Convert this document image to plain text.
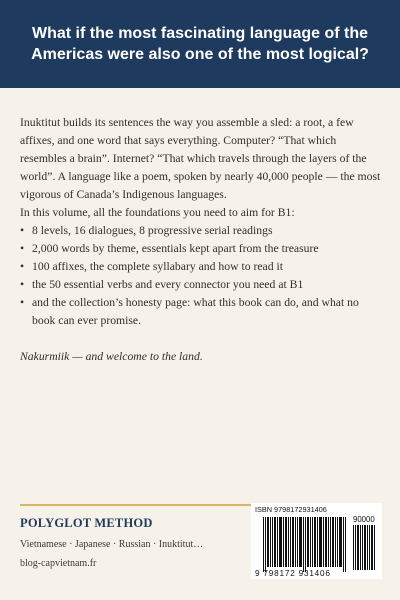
What if the most fascinating language of the Americas were also one of the most logical?

Inuktitut builds its sentences the way you assemble a sled: a root, a few affixes, and one word that says everything. Computer? “That which resembles a brain”. Internet? “That which travels through the layers of the world”. A language like a poem, spoken by nearly 40,000 people — the most vigorous of Canada’s Indigenous languages.

In this volume, all the foundations you need to aim for B1:

• 8 levels, 16 dialogues, 8 progressive serial readings
• 2,000 words by theme, essentials kept apart from the treasure
• 100 affixes, the complete syllabary and how to read it
• the 50 essential verbs and every connector you need at B1
• and the collection’s honesty page: what this book can do, and what no book can ever promise.

Nakurmiik — and welcome to the land.

POLYGLOT METHOD
Vietnamese · Japanese · Russian · Inuktitut…
blog-capvietnam.fr
ISBN 9798172931406
90000
9 798172 931406
